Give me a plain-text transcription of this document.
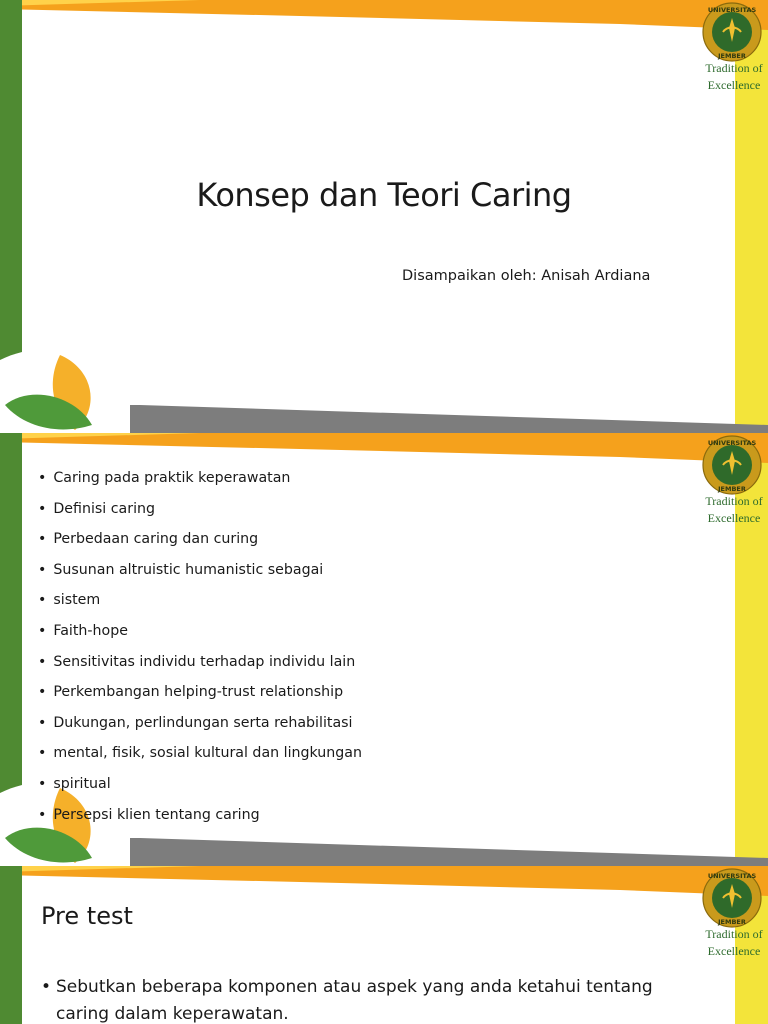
UNIVERSITAS
JEMBER
Tradition of
Excellence
Konsep dan Teori Caring
Disampaikan oleh: Anisah Ardiana
UNIVERSITAS
JEMBER
Tradition of
Excellence
• Caring pada praktik keperawatan
• Definisi caring
• Perbedaan caring dan curing
• Susunan altruistic humanistic sebagai
• sistem
• Faith-hope
• Sensitivitas individu terhadap individu lain
• Perkembangan helping-trust relationship
• Dukungan, perlindungan serta rehabilitasi
• mental, fisik, sosial kultural dan lingkungan
• spiritual
• Persepsi klien tentang caring
UNIVERSITAS
JEMBER
Tradition of
Excellence
Pre test
• Sebutkan beberapa komponen atau aspek yang anda ketahui tentang caring dalam keperawatan.
